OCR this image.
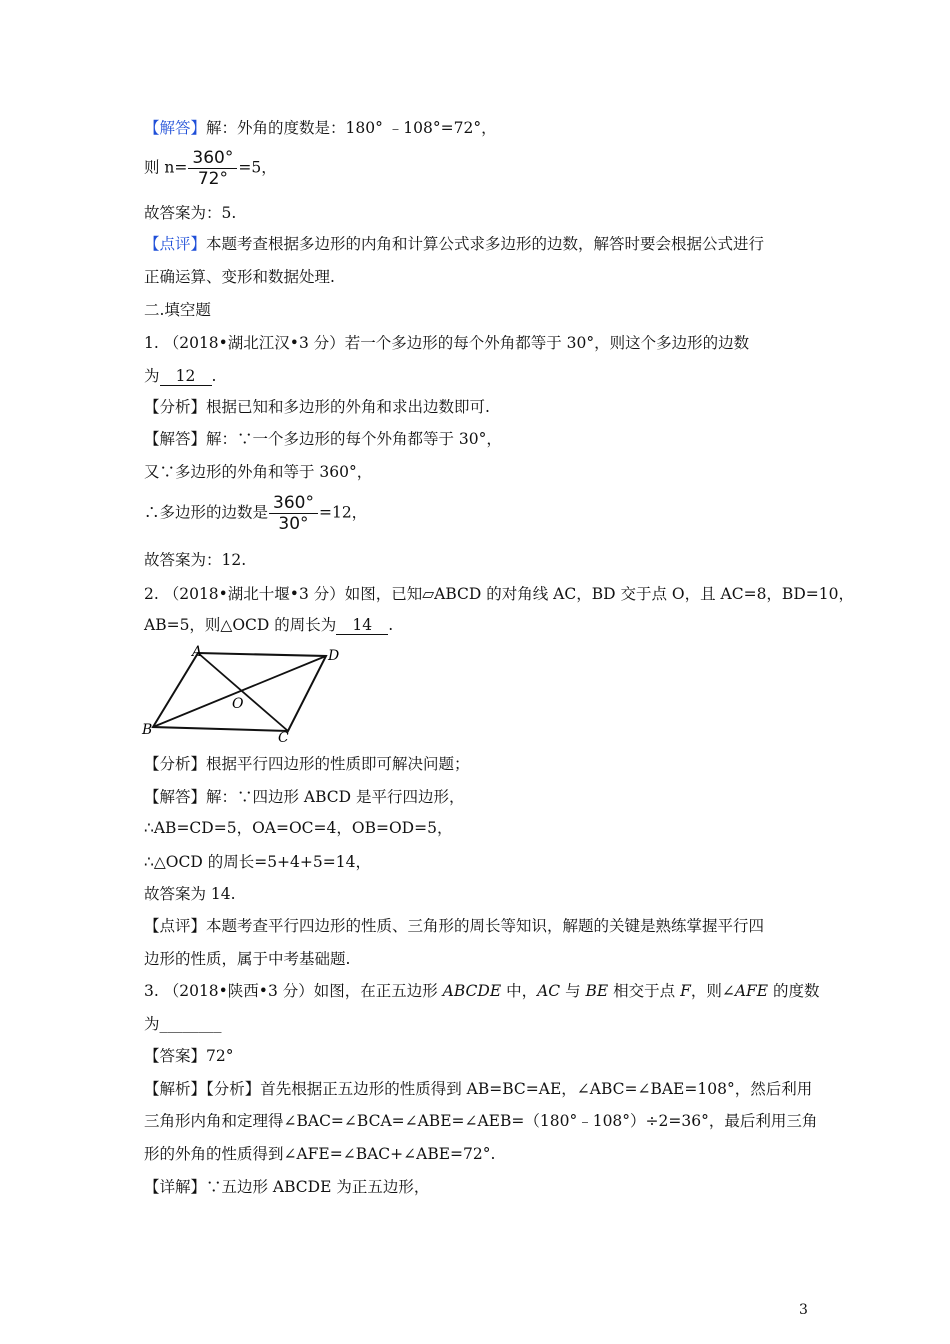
【解答】解：外角的度数是：180° ﹣108°=72°，
则 $n= \frac{360^\circ}{72^\circ} =5$，
故答案为：5.
【点评】本题考查根据多边形的内角和计算公式求多边形的边数，解答时要会根据公式进行
正确运算、变形和数据处理.
二.填空题
1. （2018•湖北江汉•3 分）若一个多边形的每个外角都等于 30°，则这个多边形的边数
为 12 .
【分析】根据已知和多边形的外角和求出边数即可.
【解答】解：∵一个多边形的每个外角都等于 30°，
又∵多边形的外角和等于 360°，
∴多边形的边数是 $\frac{360^\circ}{30^\circ} =12$，
故答案为：12.
2. （2018•湖北十堰•3 分）如图，已知▱ABCD 的对角线 AC，BD 交于点 O，且 AC=8，BD=10，
AB=5，则△OCD 的周长为 14 .
A	D
B	C
O
【分析】根据平行四边形的性质即可解决问题；
【解答】解：∵四边形 ABCD 是平行四边形，
∴AB=CD=5，OA=OC=4，OB=OD=5，
∴△OCD 的周长=5+4+5=14，
故答案为 14.
【点评】本题考查平行四边形的性质、三角形的周长等知识，解题的关键是熟练掌握平行四
边形的性质，属于中考基础题.
3. （2018•陕西•3 分）如图，在正五边形 ABCDE 中，AC 与 BE 相交于点 F，则∠AFE 的度数
为________
【答案】72°
【解析】【分析】首先根据正五边形的性质得到 AB=BC=AE，∠ABC=∠BAE=108°，然后利用
三角形内角和定理得∠BAC=∠BCA=∠ABE=∠AEB=（180°﹣108°）÷2=36°，最后利用三角
形的外角的性质得到∠AFE=∠BAC+∠ABE=72°.
【详解】∵五边形 ABCDE 为正五边形，
3
